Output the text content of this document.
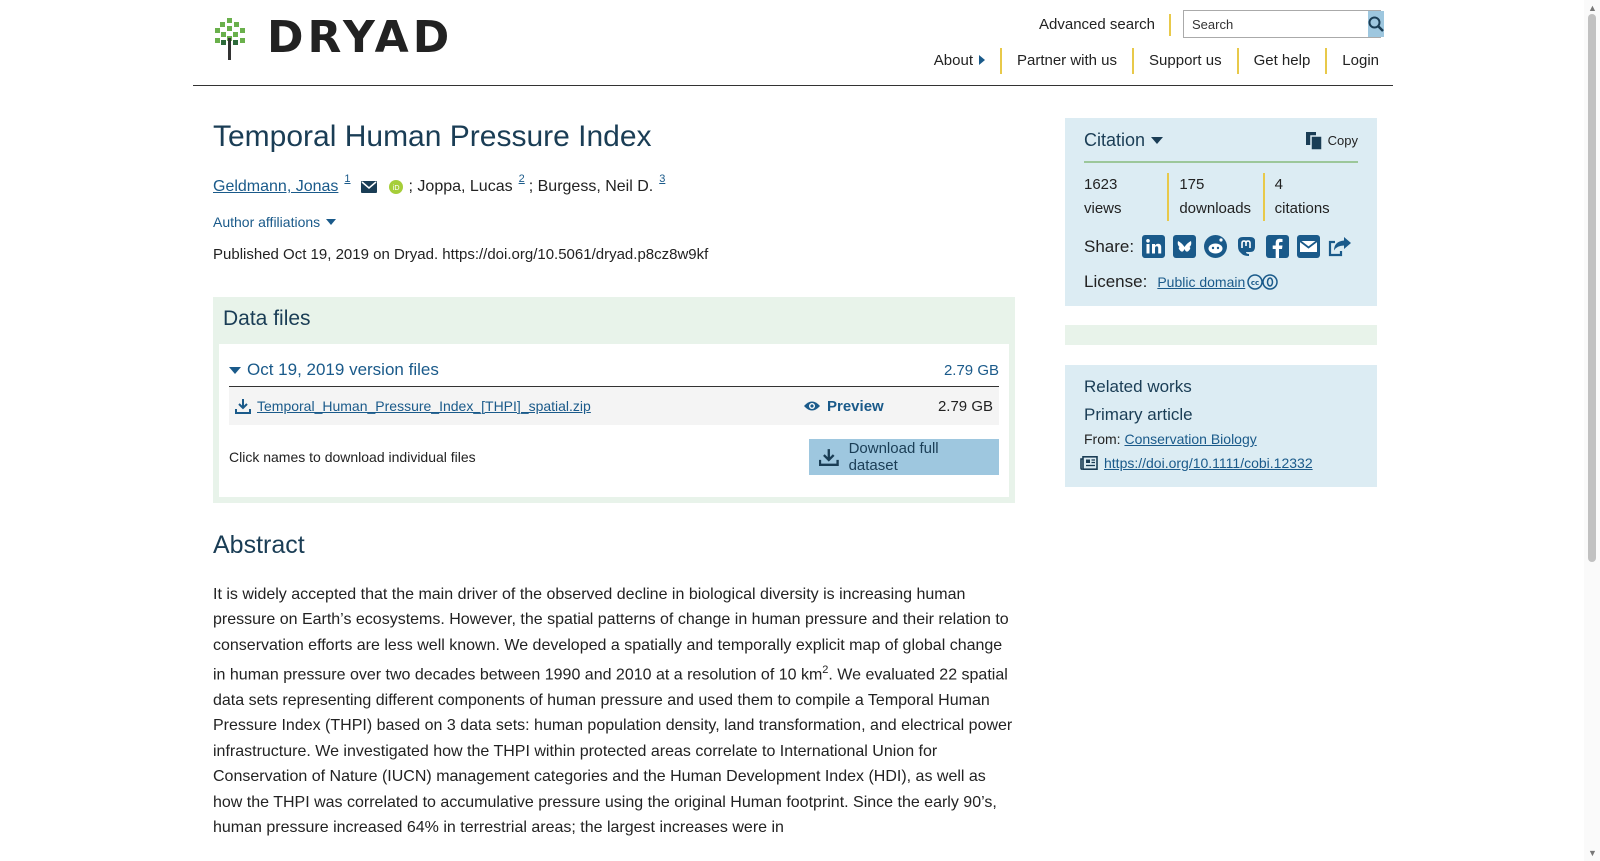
DRYAD	Advanced search
Search
About	Partner with us	Support us	Get help	Login
Temporal Human Pressure Index
Geldmann, Jonas $^1$
iD ; Joppa, Lucas $^2$ ; Burgess, Neil D. $^3$
Author affiliations
Published Oct 19, 2019 on Dryad. https://doi.org/10.5061/dryad.p8cz8w9kf
Data files
Oct 19, 2019 version files	2.79 GB
Temporal_Human_Pressure_Index_[THPI]_spatial.zip	Preview	2.79 GB
Click names to download individual files	Download full dataset
Abstract

It is widely accepted that the main driver of the observed decline in biological diversity is increasing human pressure on Earth’s ecosystems. However, the spatial patterns of change in human pressure and their relation to conservation efforts are less well known. We developed a spatially and temporally explicit map of global change in human pressure over two decades between 1990 and 2010 at a resolution of 10 $km^2$. We evaluated 22 spatial data sets representing different components of human pressure and used them to compile a Temporal Human Pressure Index (THPI) based on 3 data sets: human population density, land transformation, and electrical power infrastructure. We investigated how the THPI within protected areas correlate to International Union for Conservation of Nature (IUCN) management categories and the Human Development Index (HDI), as well as how the THPI was correlated to accumulative pressure using the original Human footprint. Since the early 90’s, human pressure increased 64% in terrestrial areas; the largest increases were in

Citation	Copy
1623
views
175
downloads
4
citations
Share:
License: Public domain cc
Related works
Primary article
From: Conservation Biology
https://doi.org/10.1111/cobi.12332
▲
▼
